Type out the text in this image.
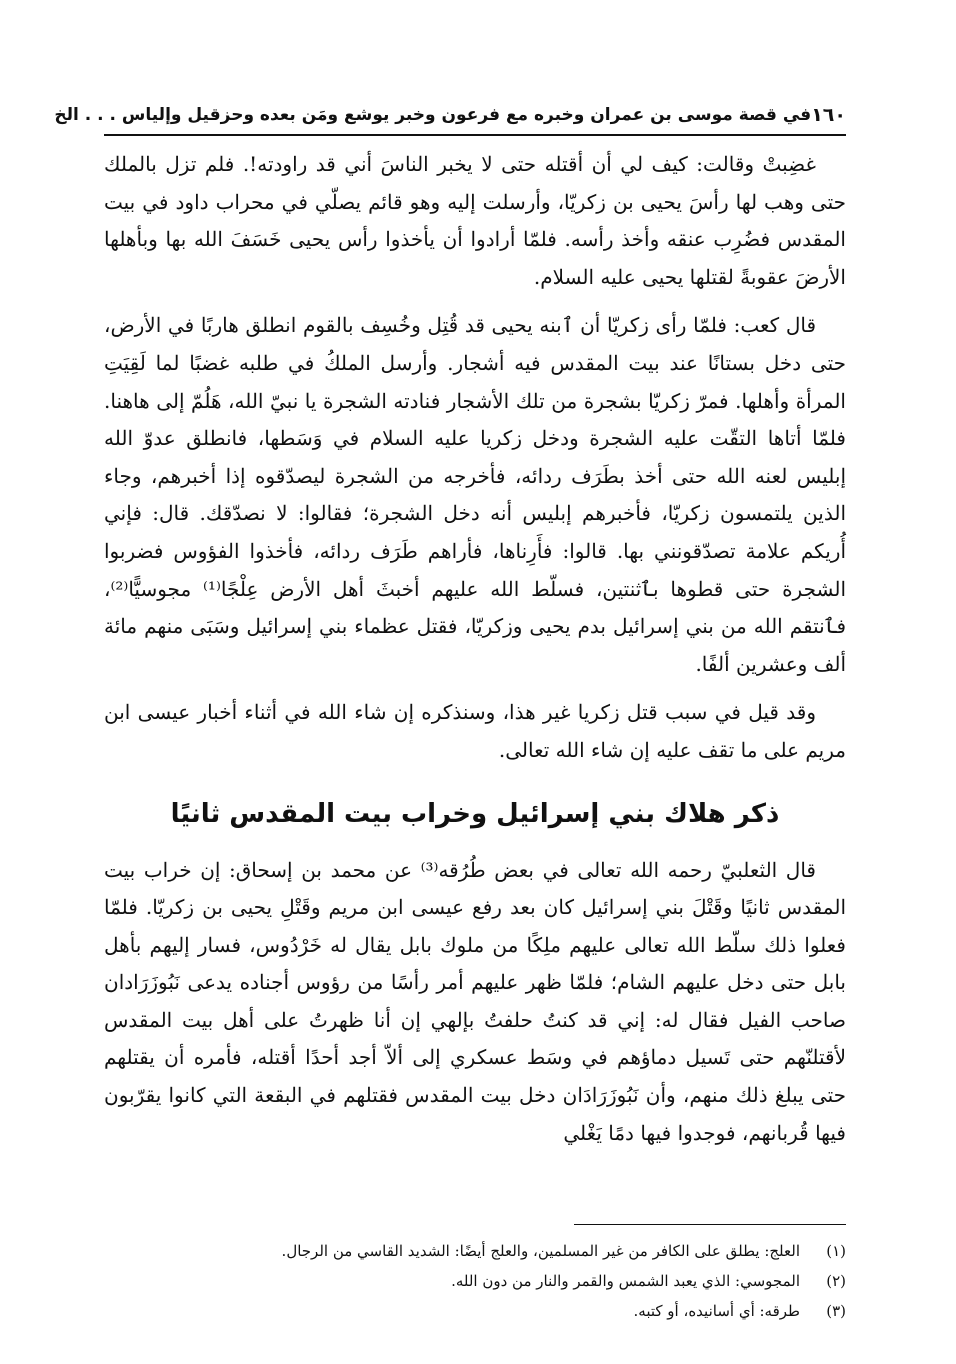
١٦٠
في قصة موسى بن عمران وخبره مع فرعون وخبر يوشع ومَن بعده وحزقيل وإلياس . . . الخ

غضِبتْ وقالت: كيف لي أن أقتله حتى لا يخبر الناسَ أني قد راودته!. فلم تزل بالملك حتى وهب لها رأسَ يحيى بن زكريّا، وأرسلت إليه وهو قائم يصلّي في محراب داود في بيت المقدس فضُرِب عنقه وأخذ رأسه. فلمّا أرادوا أن يأخذوا رأس يحيى خَسَفَ الله بها وبأهلها الأرضَ عقوبةً لقتلها يحيى عليه السلام.

قال كعب: فلمّا رأى زكريّا أن ٱبنه يحيى قد قُتِل وخُسِف بالقوم انطلق هاربًا في الأرض، حتى دخل بستانًا عند بيت المقدس فيه أشجار. وأرسل الملكُ في طلبه غضبًا لما لَقِيَتِ المرأة وأهلها. فمرّ زكريّا بشجرة من تلك الأشجار فنادته الشجرة يا نبيّ الله، هَلُمّ إلى هاهنا. فلمّا أتاها التقّت عليه الشجرة ودخل زكريا عليه السلام في وَسَطها، فانطلق عدوّ الله إبليس لعنه الله حتى أخذ بطَرَف ردائه، فأخرجه من الشجرة ليصدّقوه إذا أخبرهم، وجاء الذين يلتمسون زكريّا، فأخبرهم إبليس أنه دخل الشجرة؛ فقالوا: لا نصدّقك. قال: فإني أُريكم علامة تصدّقونني بها. قالوا: فأَرِناها، فأراهم طَرَف ردائه، فأخذوا الفؤوس فضربوا الشجرة حتى قطوها بٱثنتين، فسلّط الله عليهم أخبثَ أهل الأرض عِلْجًا⁽¹⁾ مجوسيًّا⁽²⁾، فٱنتقم الله من بني إسرائيل بدم يحيى وزكريّا، فقتل عظماء بني إسرائيل وسَبَى منهم مائة ألف وعشرين ألفًا.

وقد قيل في سبب قتل زكريا غير هذا، وسنذكره إن شاء الله في أثناء أخبار عيسى ابن مريم على ما تقف عليه إن شاء الله تعالى.

ذكر هلاك بني إسرائيل وخراب بيت المقدس ثانيًا

قال الثعلبيّ رحمه الله تعالى في بعض طُرُقه⁽³⁾ عن محمد بن إسحاق: إن خراب بيت المقدس ثانيًا وقَتْلَ بني إسرائيل كان بعد رفع عيسى ابن مريم وقَتْلِ يحيى بن زكريّا. فلمّا فعلوا ذلك سلّط الله تعالى عليهم ملِكًا من ملوك بابل يقال له خَرْدُوس، فسار إليهم بأهل بابل حتى دخل عليهم الشام؛ فلمّا ظهر عليهم أمر رأسًا من رؤوس أجناده يدعى نَبُوزَرَادان صاحب الفيل فقال له: إني قد كنتُ حلفتُ بإلهي إن أنا ظهرتُ على أهل بيت المقدس لأقتلنّهم حتى تَسيل دماؤهم في وسَط عسكري إلى ألاّ أجد أحدًا أقتله، فأمره أن يقتلهم حتى يبلغ ذلك منهم، وأن نَبُوزَرَادَان دخل بيت المقدس فقتلهم في البقعة التي كانوا يقرّبون فيها قُربانهم، فوجدوا فيها دمًا يَغْلي

(١)
العلج: يطلق على الكافر من غير المسلمين، والعلج أيضًا: الشديد القاسي من الرجال.
(٢)
المجوسي: الذي يعبد الشمس والقمر والنار من دون الله.
(٣)
طرقه: أي أسانيده، أو كتبه.
